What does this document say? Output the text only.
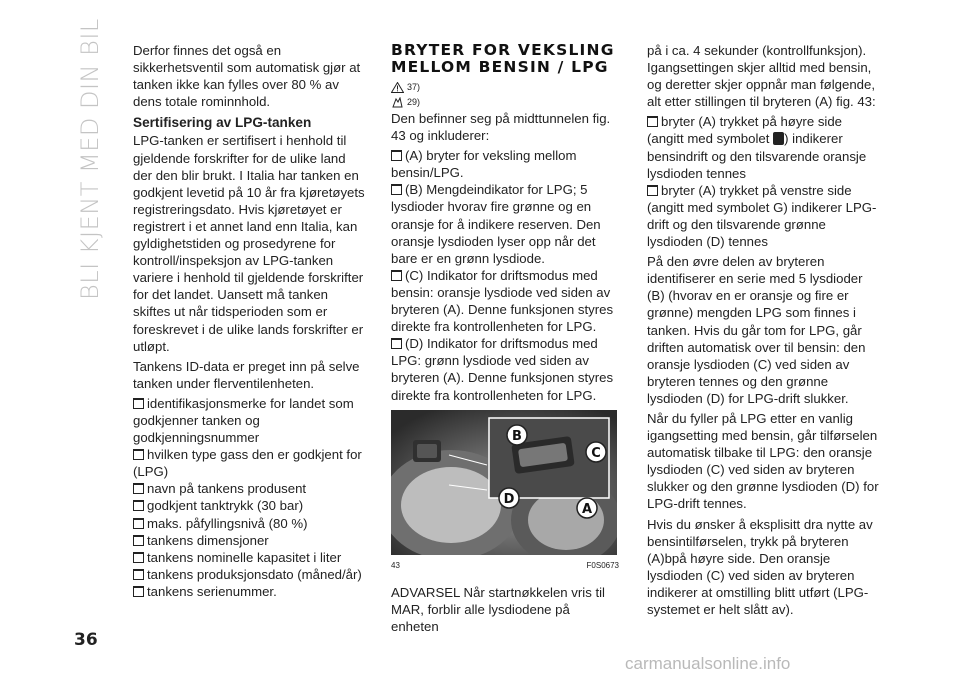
BLI KJENT MED DIN BIL Derfor finnes det også en sikkerhetsventil som automatisk gjør at tanken ikke kan fylles over 80 % av dens totale rominnhold.

Sertifisering av LPG-tanken

LPG-tanken er sertifisert i henhold til gjeldende forskrifter for de ulike land der den blir brukt. I Italia har tanken en godkjent levetid på 10 år fra kjøretøyets registreringsdato. Hvis kjøretøyet er registrert i et annet land enn Italia, kan gyldighetstiden og prosedyrene for kontroll/inspeksjon av LPG-tanken variere i henhold til gjeldende forskrifter for det landet. Uansett må tanken skiftes ut når tidsperioden som er foreskrevet i de ulike lands forskrifter er utløpt.

Tankens ID-data er preget inn på selve tanken under flerventilenheten.

identifikasjonsmerke for landet som godkjenner tanken og godkjenningsnummer
hvilken type gass den er godkjent for (LPG)
navn på tankens produsent
godkjent tanktrykk (30 bar)
maks. påfyllingsnivå (80 %)
tankens dimensjoner
tankens nominelle kapasitet i liter
tankens produksjonsdato (måned/år)
tankens serienummer.
BRYTER FOR VEKSLING MELLOM BENSIN / LPG
37)
29)

Den befinner seg på midttunnelen fig. 43 og inkluderer:

(A) bryter for veksling mellom bensin/LPG.
(B) Mengdeindikator for LPG; 5 lysdioder hvorav fire grønne og en oransje for å indikere reserven. Den oransje lysdioden lyser opp når det bare er en grønn lysdiode.
(C) Indikator for driftsmodus med bensin: oransje lysdiode ved siden av bryteren (A). Denne funksjonen styres direkte fra kontrollenheten for LPG.
(D) Indikator for driftsmodus med LPG: grønn lysdiode ved siden av bryteren (A). Denne funksjonen styres direkte fra kontrollenheten for LPG.
B
C
D
A
43	F0S0673

ADVARSEL Når startnøkkelen vris til MAR, forblir alle lysdiodene på enheten

på i ca. 4 sekunder (kontrollfunksjon). Igangsettingen skjer alltid med bensin, og deretter skjer oppnår man følgende, alt etter stillingen til bryteren (A) fig. 43:

bryter (A) trykket på høyre side (angitt med symbolet ) indikerer bensindrift og den tilsvarende oransje lysdioden tennes
bryter (A) trykket på venstre side (angitt med symbolet G) indikerer LPG-drift og den tilsvarende grønne lysdioden (D) tennes

På den øvre delen av bryteren identifiserer en serie med 5 lysdioder (B) (hvorav en er oransje og fire er grønne) mengden LPG som finnes i tanken. Hvis du går tom for LPG, går driften automatisk over til bensin: den oransje lysdioden (C) ved siden av bryteren tennes og den grønne lysdioden (D) for LPG-drift slukker.

Når du fyller på LPG etter en vanlig igangsetting med bensin, går tilførselen automatisk tilbake til LPG: den oransje lysdioden (C) ved siden av bryteren slukker og den grønne lysdioden (D) for LPG-drift tennes.

Hvis du ønsker å eksplisitt dra nytte av bensintilførselen, trykk på bryteren (A)bpå høyre side. Den oransje lysdioden (C) ved siden av bryteren indikerer at omstilling blitt utført (LPG-systemet er helt slått av).

36
carmanualsonline.info
